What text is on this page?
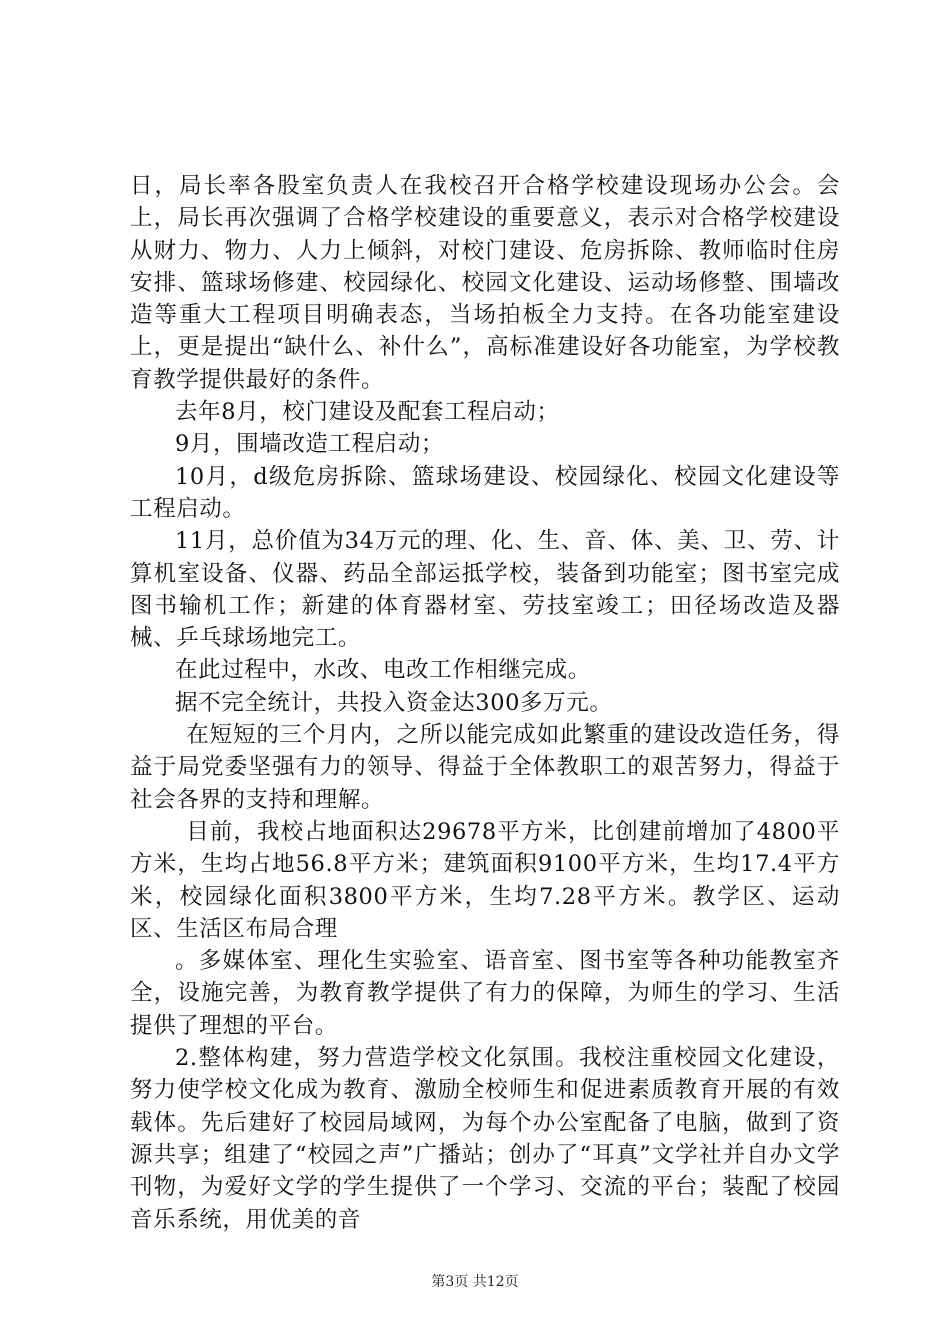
日，局长率各股室负责人在我校召开合格学校建设现场办公会。会上，局长再次强调了合格学校建设的重要意义，表示对合格学校建设从财力、物力、人力上倾斜，对校门建设、危房拆除、教师临时住房安排、篮球场修建、校园绿化、校园文化建设、运动场修整、围墙改造等重大工程项目明确表态，当场拍板全力支持。在各功能室建设上，更是提出“缺什么、补什么”，高标准建设好各功能室，为学校教育教学提供最好的条件。

去年8月，校门建设及配套工程启动；

9月，围墙改造工程启动；

10月，d级危房拆除、篮球场建设、校园绿化、校园文化建设等工程启动。

11月，总价值为34万元的理、化、生、音、体、美、卫、劳、计算机室设备、仪器、药品全部运抵学校，装备到功能室；图书室完成图书输机工作；新建的体育器材室、劳技室竣工；田径场改造及器械、乒乓球场地完工。

在此过程中，水改、电改工作相继完成。

据不完全统计，共投入资金达300多万元。

在短短的三个月内，之所以能完成如此繁重的建设改造任务，得益于局党委坚强有力的领导、得益于全体教职工的艰苦努力，得益于社会各界的支持和理解。

目前，我校占地面积达29678平方米，比创建前增加了4800平方米，生均占地56.8平方米；建筑面积9100平方米，生均17.4平方米，校园绿化面积3800平方米，生均7.28平方米。教学区、运动区、生活区布局合理

。多媒体室、理化生实验室、语音室、图书室等各种功能教室齐全，设施完善，为教育教学提供了有力的保障，为师生的学习、生活提供了理想的平台。

2.整体构建，努力营造学校文化氛围。我校注重校园文化建设，努力使学校文化成为教育、激励全校师生和促进素质教育开展的有效载体。先后建好了校园局域网，为每个办公室配备了电脑，做到了资源共享；组建了“校园之声”广播站；创办了“耳真”文学社并自办文学刊物，为爱好文学的学生提供了一个学习、交流的平台；装配了校园音乐系统，用优美的音

第3页 共12页
